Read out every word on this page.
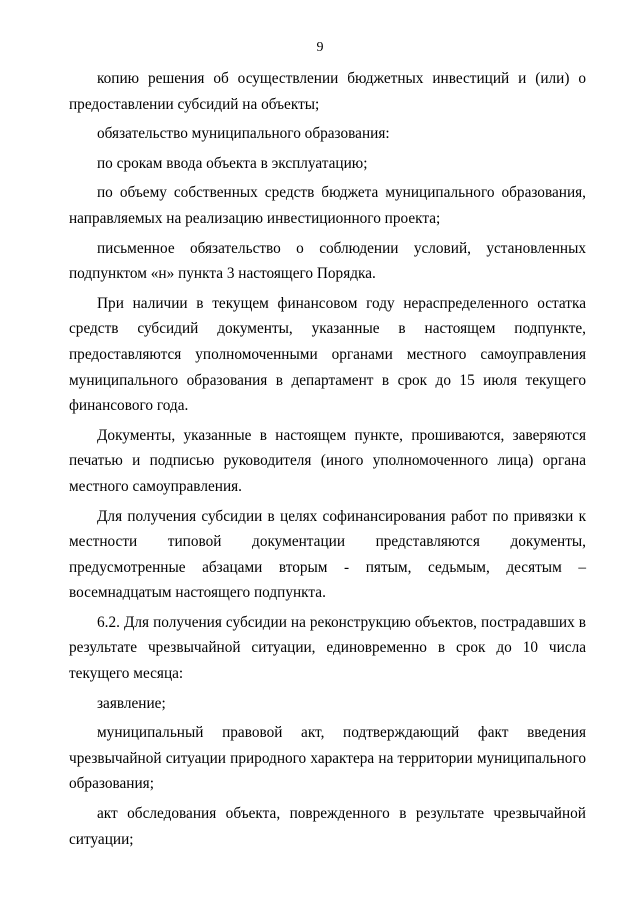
9

копию решения об осуществлении бюджетных инвестиций и (или) о предоставлении субсидий на объекты;

обязательство муниципального образования:

по срокам ввода объекта в эксплуатацию;

по объему собственных средств бюджета муниципального образования, направляемых на реализацию инвестиционного проекта;

письменное обязательство о соблюдении условий, установленных подпунктом «н» пункта 3 настоящего Порядка.

При наличии в текущем финансовом году нераспределенного остатка средств субсидий документы, указанные в настоящем подпункте, предоставляются уполномоченными органами местного самоуправления муниципального образования в департамент в срок до 15 июля текущего финансового года.

Документы, указанные в настоящем пункте, прошиваются, заверяются печатью и подписью руководителя (иного уполномоченного лица) органа местного самоуправления.

Для получения субсидии в целях софинансирования работ по привязки к местности типовой документации представляются документы, предусмотренные абзацами вторым - пятым, седьмым, десятым – восемнадцатым настоящего подпункта.

6.2. Для получения субсидии на реконструкцию объектов, пострадавших в результате чрезвычайной ситуации, единовременно в срок до 10 числа текущего месяца:

заявление;

муниципальный правовой акт, подтверждающий факт введения чрезвычайной ситуации природного характера на территории муниципального образования;

акт обследования объекта, поврежденного в результате чрезвычайной ситуации;
